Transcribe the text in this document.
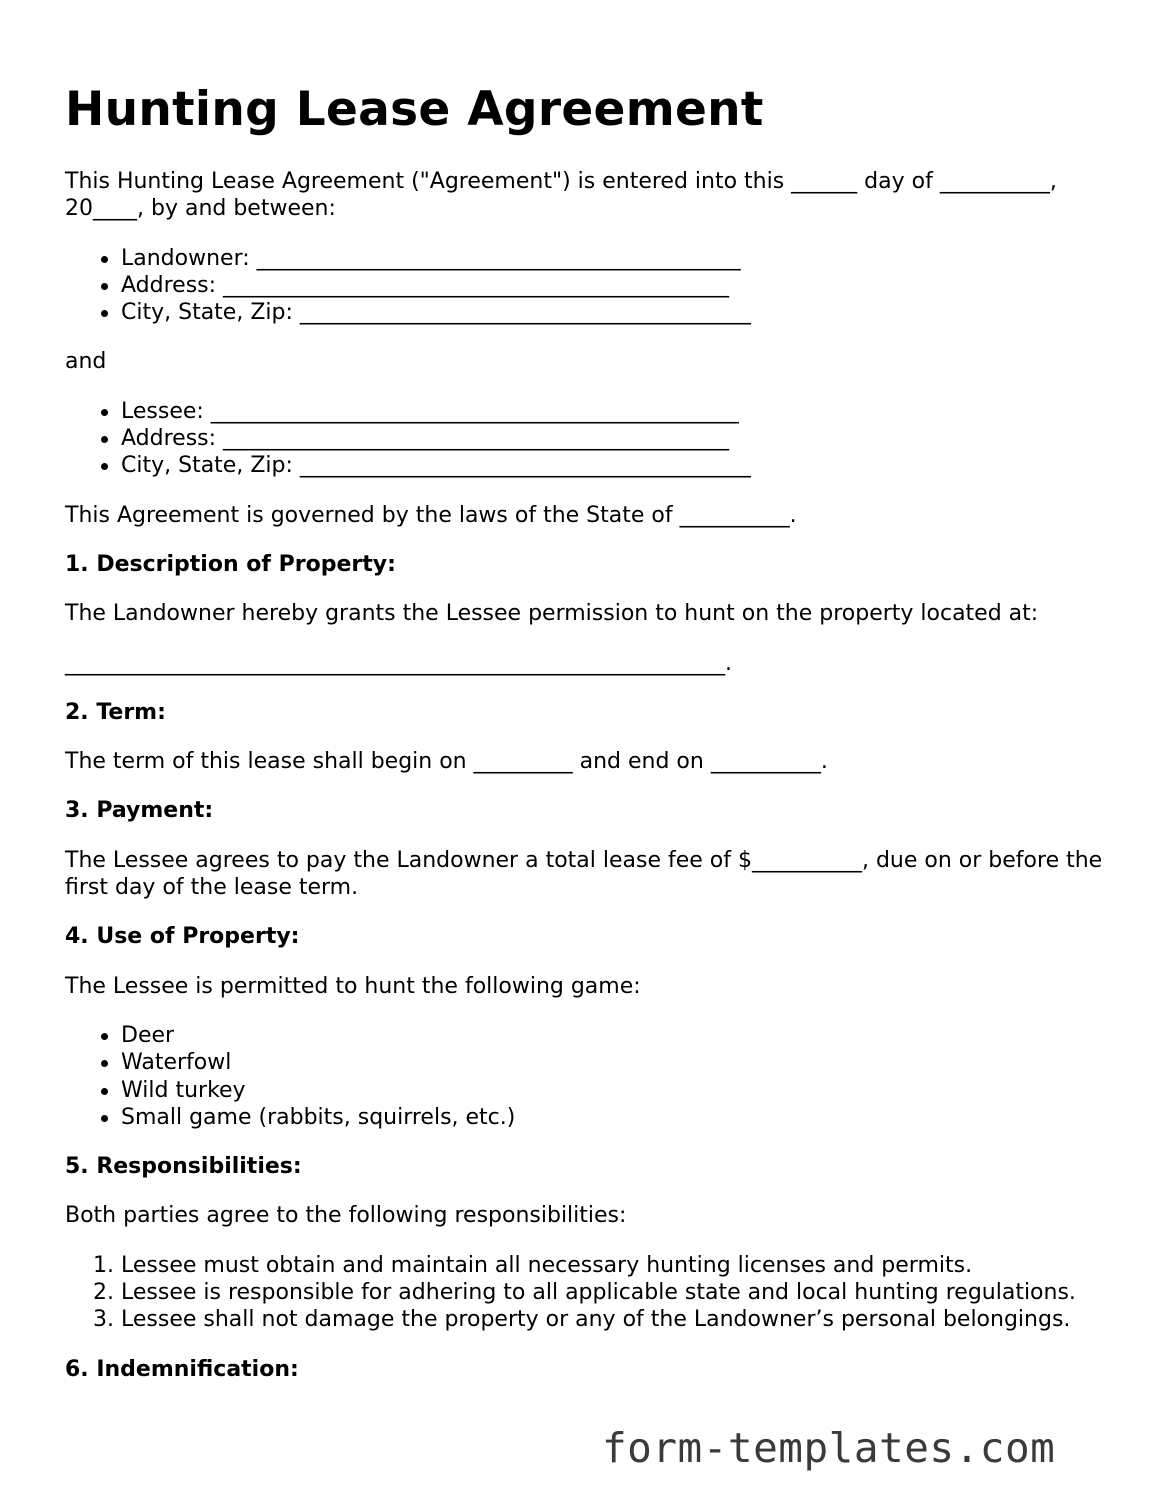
Hunting Lease Agreement

This Hunting Lease Agreement ("Agreement") is entered into this ______ day of __________, 20____, by and between:

Landowner: ____________________________________________
Address: ______________________________________________
City, State, Zip: _________________________________________

and

Lessee: ________________________________________________
Address: ______________________________________________
City, State, Zip: _________________________________________

This Agreement is governed by the laws of the State of __________.

1. Description of Property:

The Landowner hereby grants the Lessee permission to hunt on the property located at:

____________________________________________________________.

2. Term:

The term of this lease shall begin on _________ and end on __________.

3. Payment:

The Lessee agrees to pay the Landowner a total lease fee of $__________, due on or before the first day of the lease term.

4. Use of Property:

The Lessee is permitted to hunt the following game:

Deer
Waterfowl
Wild turkey
Small game (rabbits, squirrels, etc.)
5. Responsibilities:

Both parties agree to the following responsibilities:

1. Lessee must obtain and maintain all necessary hunting licenses and permits.
2. Lessee is responsible for adhering to all applicable state and local hunting regulations.
3. Lessee shall not damage the property or any of the Landowner’s personal belongings.
6. Indemnification:
form-templates.com
